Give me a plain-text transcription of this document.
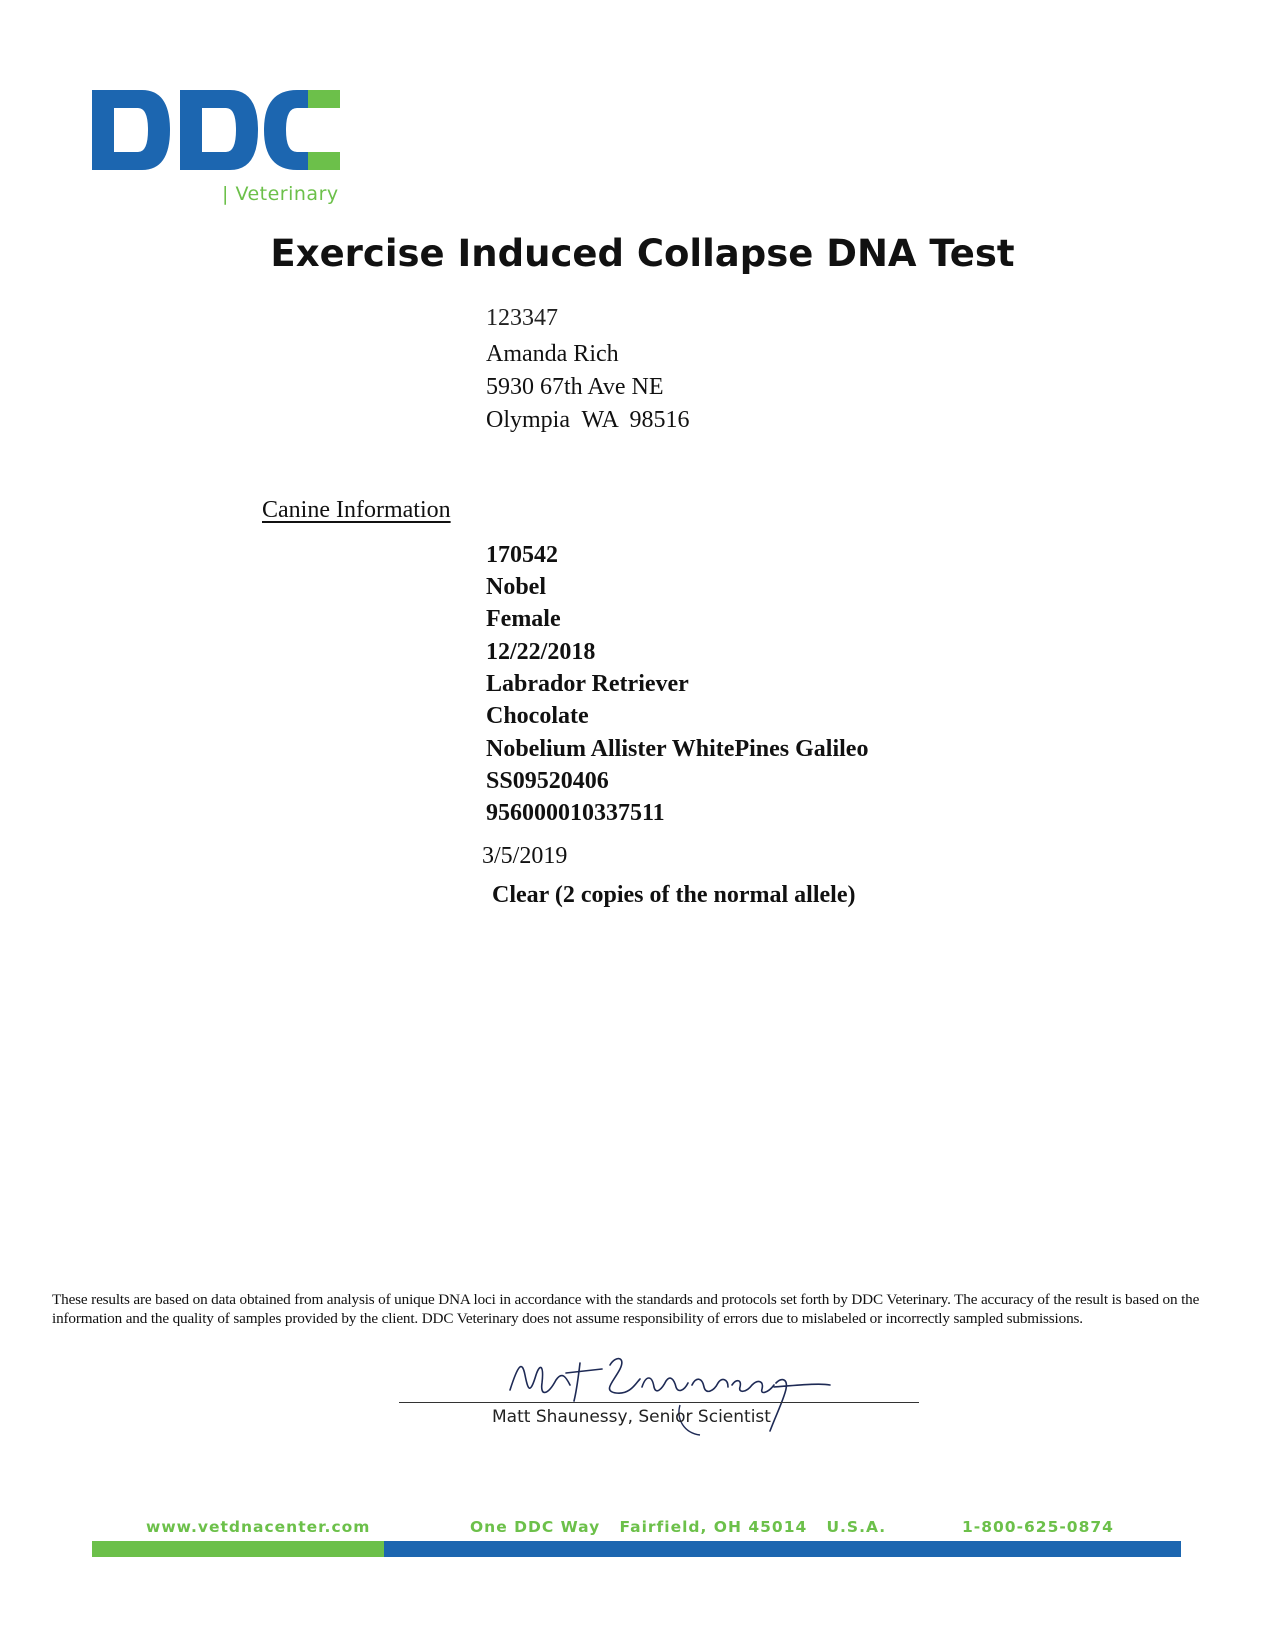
| Veterinary
Exercise Induced Collapse DNA Test
123347
Amanda Rich
5930 67th Ave NE
Olympia  WA  98516
Canine Information
170542
Nobel
Female
12/22/2018
Labrador Retriever
Chocolate
Nobelium Allister WhitePines Galileo
SS09520406
956000010337511
3/5/2019
Clear (2 copies of the normal allele)
These results are based on data obtained from analysis of unique DNA loci in accordance with the standards and protocols set forth by DDC Veterinary. The accuracy of the result is based on the information and the quality of samples provided by the client. DDC Veterinary does not assume responsibility of errors due to mislabeled or incorrectly sampled submissions.
Matt Shaunessy, Senior Scientist
www.vetdnacenter.com	One DDC Way   Fairfield, OH 45014   U.S.A.	1-800-625-0874
